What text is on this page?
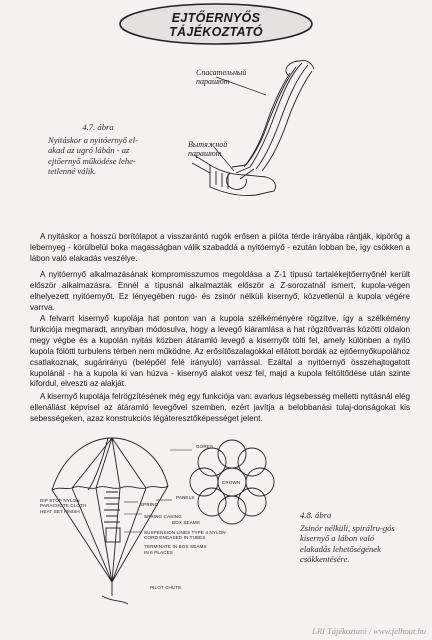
EJTŐERNYŐS
TÁJÉKOZTATÓ
Спасательный парашют
Вытяжной парашют
4.7. ábra
Nyitáskor a nyitóernyő el-akad az ugró lábán - az ejtőernyő működése lehe-tetlenné válik.

A nyitáskor a hosszú borítólapot a visszarántó rugók erősen a pilóta térde irányába rántják, kipörög a lebernyeg - körülbelül boka magasságban válik szabaddá a nyitóernyő - ezután lobban be, így csökken a lábon való elakadás veszélye.

A nyitóernyő alkalmazásának kompromisszumos megoldása a Z-1 típusú tartalékejtőernyőnél került először alkalmazásra. Ennél a típusnál alkalmazták először a Z-sorozatnál ismert, kupola-végen elhelyezett nyitóernyőt. Ez lényegében rugó- és zsinór nélküli kisernyő, közvetlenül a kupola végére varrva.

A felvarrt kisernyő kupolája hat ponton van a kupola szélkéményére rögzítve, így a szélkémény funkciója megmaradt, annyiban módosulva, hogy a levegő kiáramlása a hat rögzítővarrás közötti oldalon megy végbe és a kupolán nyitás közben átáramló levegő a kisernyőt tölti fel, amely különben a nyiló kupola fölötti turbulens térben nem működne. Az erősítőszalagokkal ellátott bordák az ejtőernyőkupolához csatlakoznak, sugárirányú (belépőél felé irányuló) varrással. Ezáltal a nyitóernyő összehajtogatott kupolánál - ha a kupola ki van húzva - kisernyő alakot vesz fel, majd a kupola feltöltődése után szinte kifordul, elveszti az alakját.

A kisernyő kupolája felrögzítésének még egy funkciója van: avarkus légsebesség melletti nyitásnál elég ellenállást képvisel az átáramló levegővel szemben, ezért javítja a belobbanási tulaj-donságokat kis sebességeken, azaz konstrukciós légáteresztőképességet jelent.

GORES
CROWN
PANELS
SPRING
SPRING CASING
SUSPENSION LINES TYPE 4 NYLON CORD ENCASED IN TUBES
TERMINATE IN BOX SEAMS
IN 6 PLACES
BOX SEAMS
PILOT CHUTE
DIP STOP NYLON PARACHUTE CLOTH HEAT SET FINISH	4.8. ábra
Zsinór nélküli, spirálru-gós kisernyő a lábon való elakadás lehetőségének csökkentésére.
LRI Tájékoztató / www.felhout.hu
